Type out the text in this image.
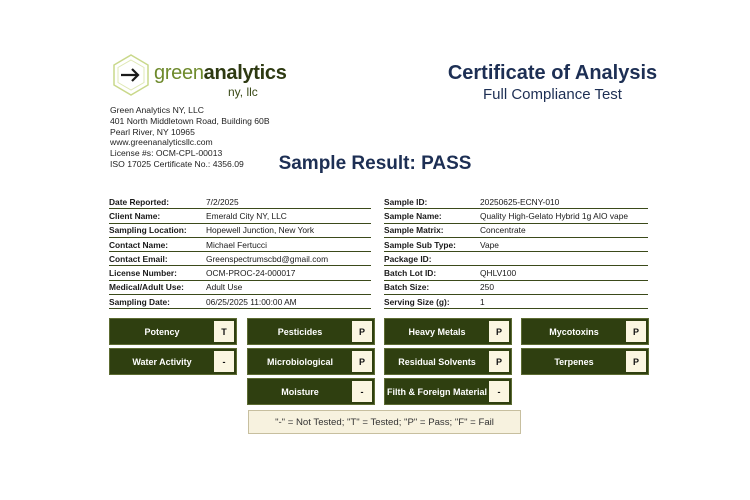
greenanalytics
ny, llc
Green Analytics NY, LLC
401 North Middletown Road, Building 60B
Pearl River, NY 10965
www.greenanalyticsllc.com
License #s: OCM-CPL-00013
ISO 17025 Certificate No.: 4356.09
Certificate of Analysis
Full Compliance Test
Sample Result: PASS
Date Reported:	7/2/2025
Client Name:	Emerald City NY, LLC
Sampling Location:	Hopewell Junction, New York
Contact Name:	Michael Fertucci
Contact Email:	Greenspectrumscbd@gmail.com
License Number:	OCM-PROC-24-000017
Medical/Adult Use:	Adult Use
Sampling Date:	06/25/2025 11:00:00 AM
Sample ID:	20250625-ECNY-010
Sample Name:	Quality High-Gelato Hybrid 1g AIO vape
Sample Matrix:	Concentrate
Sample Sub Type:	Vape
Package ID:
Batch Lot ID:	QHLV100
Batch Size:	250
Serving Size (g):	1
Potency	T	Pesticides	P	Heavy Metals	P	Mycotoxins	P
Water Activity	-	Microbiological	P	Residual Solvents	P	Terpenes	P
Moisture	-	Filth & Foreign Material	-
"-" = Not Tested; "T" = Tested; "P" = Pass; "F" = Fail
